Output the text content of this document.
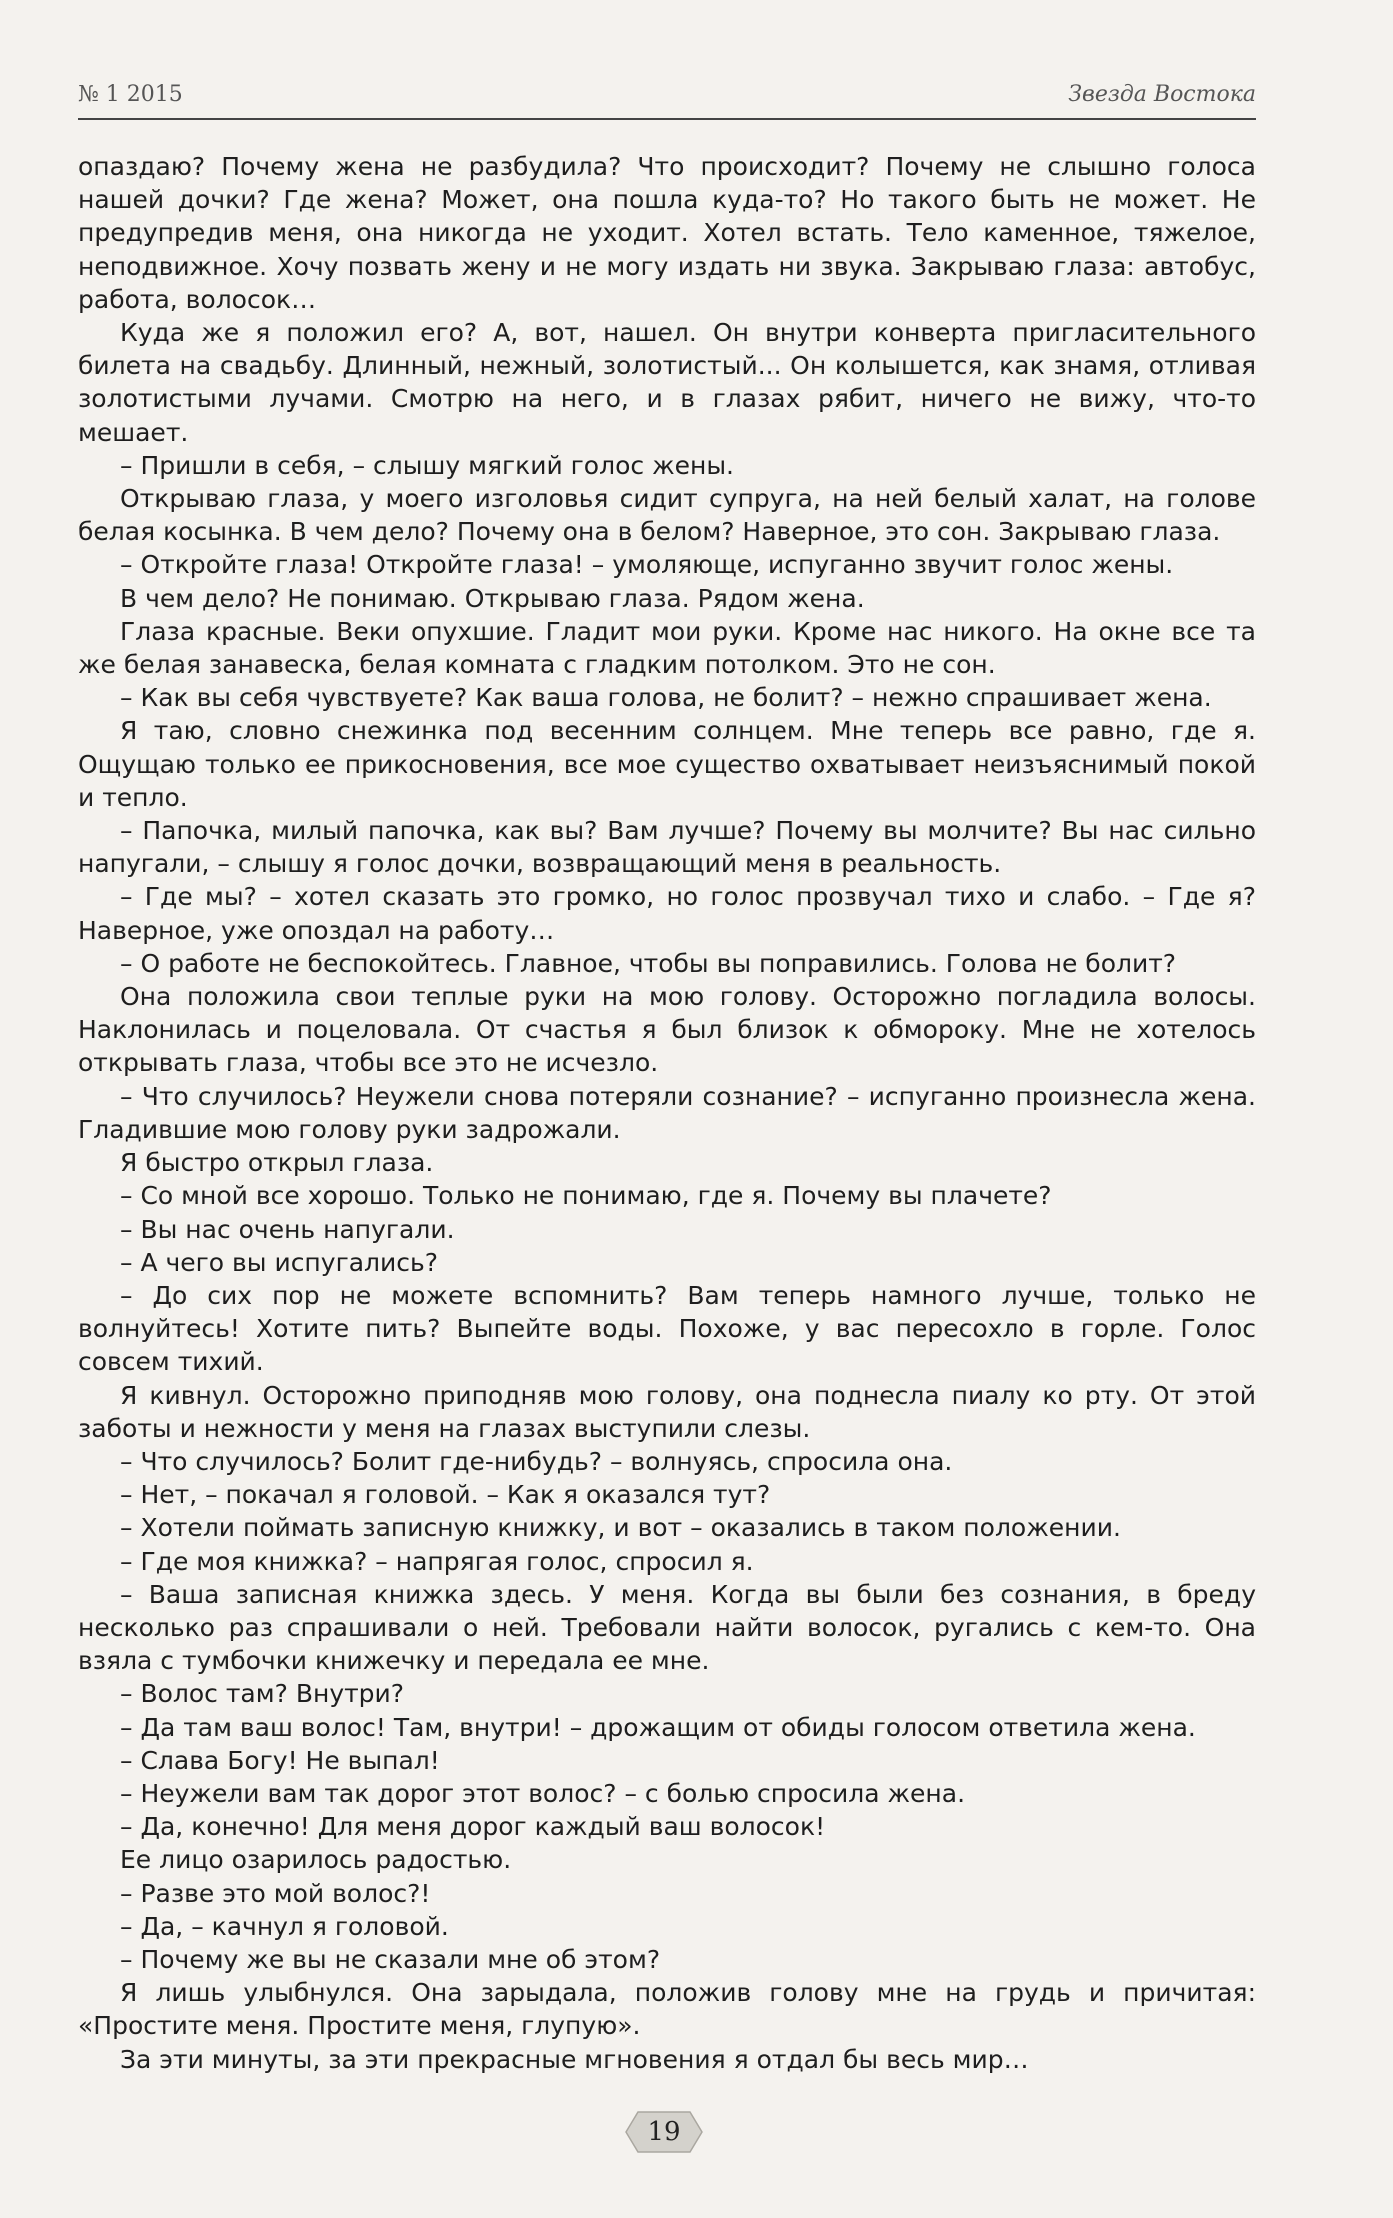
№ 1 2015	Звезда Востока

опаздаю? Почему жена не разбудила? Что происходит? Почему не слышно голоса нашей дочки? Где жена? Может, она пошла куда-то? Но такого быть не может. Не предупредив меня, она никогда не уходит. Хотел встать. Тело каменное, тяжелое, неподвижное. Хочу позвать жену и не могу издать ни звука. Закрываю глаза: автобус, работа, волосок…

Куда же я положил его? А, вот, нашел. Он внутри конверта пригласительного билета на свадьбу. Длинный, нежный, золотистый... Он колышется, как знамя, отливая золотистыми лучами. Смотрю на него, и в глазах рябит, ничего не вижу, что-то мешает.

– Пришли в себя, – слышу мягкий голос жены.

Открываю глаза, у моего изголовья сидит супруга, на ней белый халат, на голове белая косынка. В чем дело? Почему она в белом? Наверное, это сон. Закрываю глаза.

– Откройте глаза! Откройте глаза! – умоляюще, испуганно звучит голос жены.

В чем дело? Не понимаю. Открываю глаза. Рядом жена.

Глаза красные. Веки опухшие. Гладит мои руки. Кроме нас никого. На окне все та же белая занавеска, белая комната с гладким потолком. Это не сон.

– Как вы себя чувствуете? Как ваша голова, не болит? – нежно спрашивает жена.

Я таю, словно снежинка под весенним солнцем. Мне теперь все равно, где я. Ощущаю только ее прикосновения, все мое существо охватывает неизъяснимый покой и тепло.

– Папочка, милый папочка, как вы? Вам лучше? Почему вы молчите? Вы нас сильно напугали, – слышу я голос дочки, возвращающий меня в реальность.

– Где мы? – хотел сказать это громко, но голос прозвучал тихо и слабо. – Где я? Наверное, уже опоздал на работу…

– О работе не беспокойтесь. Главное, чтобы вы поправились. Голова не болит?

Она положила свои теплые руки на мою голову. Осторожно погладила волосы. Наклонилась и поцеловала. От счастья я был близок к обмороку. Мне не хотелось открывать глаза, чтобы все это не исчезло.

– Что случилось? Неужели снова потеряли сознание? – испуганно произнесла жена. Гладившие мою голову руки задрожали.

Я быстро открыл глаза.

– Со мной все хорошо. Только не понимаю, где я. Почему вы плачете?

– Вы нас очень напугали.

– А чего вы испугались?

– До сих пор не можете вспомнить? Вам теперь намного лучше, только не волнуйтесь! Хотите пить? Выпейте воды. Похоже, у вас пересохло в горле. Голос совсем тихий.

Я кивнул. Осторожно приподняв мою голову, она поднесла пиалу ко рту. От этой заботы и нежности у меня на глазах выступили слезы.

– Что случилось? Болит где-нибудь? – волнуясь, спросила она.

– Нет, – покачал я головой. – Как я оказался тут?

– Хотели поймать записную книжку, и вот – оказались в таком положении.

– Где моя книжка? – напрягая голос, спросил я.

– Ваша записная книжка здесь. У меня. Когда вы были без сознания, в бреду несколько раз спрашивали о ней. Требовали найти волосок, ругались с кем-то. Она взяла с тумбочки книжечку и передала ее мне.

– Волос там? Внутри?

– Да там ваш волос! Там, внутри! – дрожащим от обиды голосом ответила жена.

– Слава Богу! Не выпал!

– Неужели вам так дорог этот волос? – с болью спросила жена.

– Да, конечно! Для меня дорог каждый ваш волосок!

Ее лицо озарилось радостью.

– Разве это мой волос?!

– Да, – качнул я головой.

– Почему же вы не сказали мне об этом?

Я лишь улыбнулся. Она зарыдала, положив голову мне на грудь и причитая: «Простите меня. Простите меня, глупую».

За эти минуты, за эти прекрасные мгновения я отдал бы весь мир…

19
